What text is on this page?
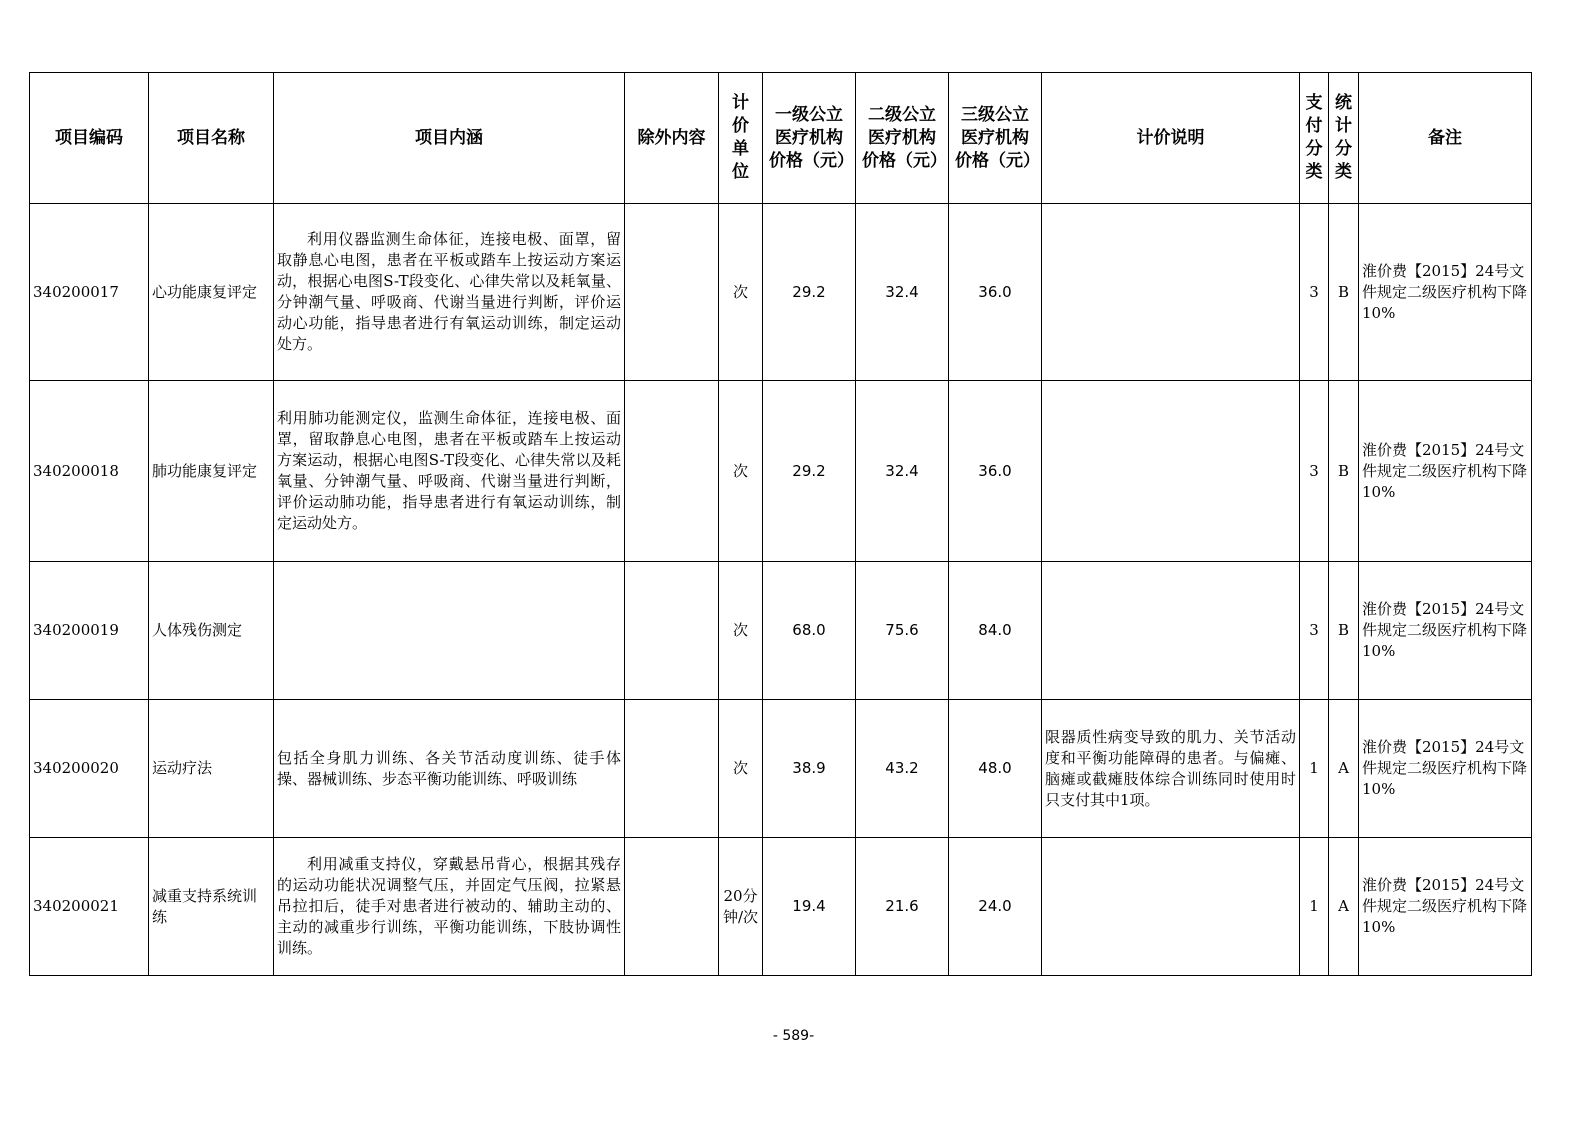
项目编码	项目名称	项目内涵	除外内容	计价单位	一级公立医疗机构价格（元）	二级公立医疗机构价格（元）	三级公立医疗机构价格（元）	计价说明	支付分类	统计分类	备注
340200017	心功能康复评定	利用仪器监测生命体征，连接电极、面罩，留取静息心电图，患者在平板或踏车上按运动方案运动，根据心电图S-T段变化、心律失常以及耗氧量、分钟潮气量、呼吸商、代谢当量进行判断，评价运动心功能，指导患者进行有氧运动训练，制定运动处方。		次	29.2	32.4	36.0		3	B	淮价费【2015】24号文件规定二级医疗机构下降10%
340200018	肺功能康复评定	利用肺功能测定仪，监测生命体征，连接电极、面罩，留取静息心电图，患者在平板或踏车上按运动方案运动，根据心电图S-T段变化、心律失常以及耗氧量、分钟潮气量、呼吸商、代谢当量进行判断，评价运动肺功能，指导患者进行有氧运动训练，制定运动处方。		次	29.2	32.4	36.0		3	B	淮价费【2015】24号文件规定二级医疗机构下降10%
340200019	人体残伤测定			次	68.0	75.6	84.0		3	B	淮价费【2015】24号文件规定二级医疗机构下降10%
340200020	运动疗法	包括全身肌力训练、各关节活动度训练、徒手体操、器械训练、步态平衡功能训练、呼吸训练		次	38.9	43.2	48.0	限器质性病变导致的肌力、关节活动度和平衡功能障碍的患者。与偏瘫、脑瘫或截瘫肢体综合训练同时使用时只支付其中1项。	1	A	淮价费【2015】24号文件规定二级医疗机构下降10%
340200021	减重支持系统训练	利用减重支持仪，穿戴悬吊背心，根据其残存的运动功能状况调整气压，并固定气压阀，拉紧悬吊拉扣后，徒手对患者进行被动的、辅助主动的、主动的减重步行训练，平衡功能训练，下肢协调性训练。		20分钟/次	19.4	21.6	24.0		1	A	淮价费【2015】24号文件规定二级医疗机构下降10%
- 589-
